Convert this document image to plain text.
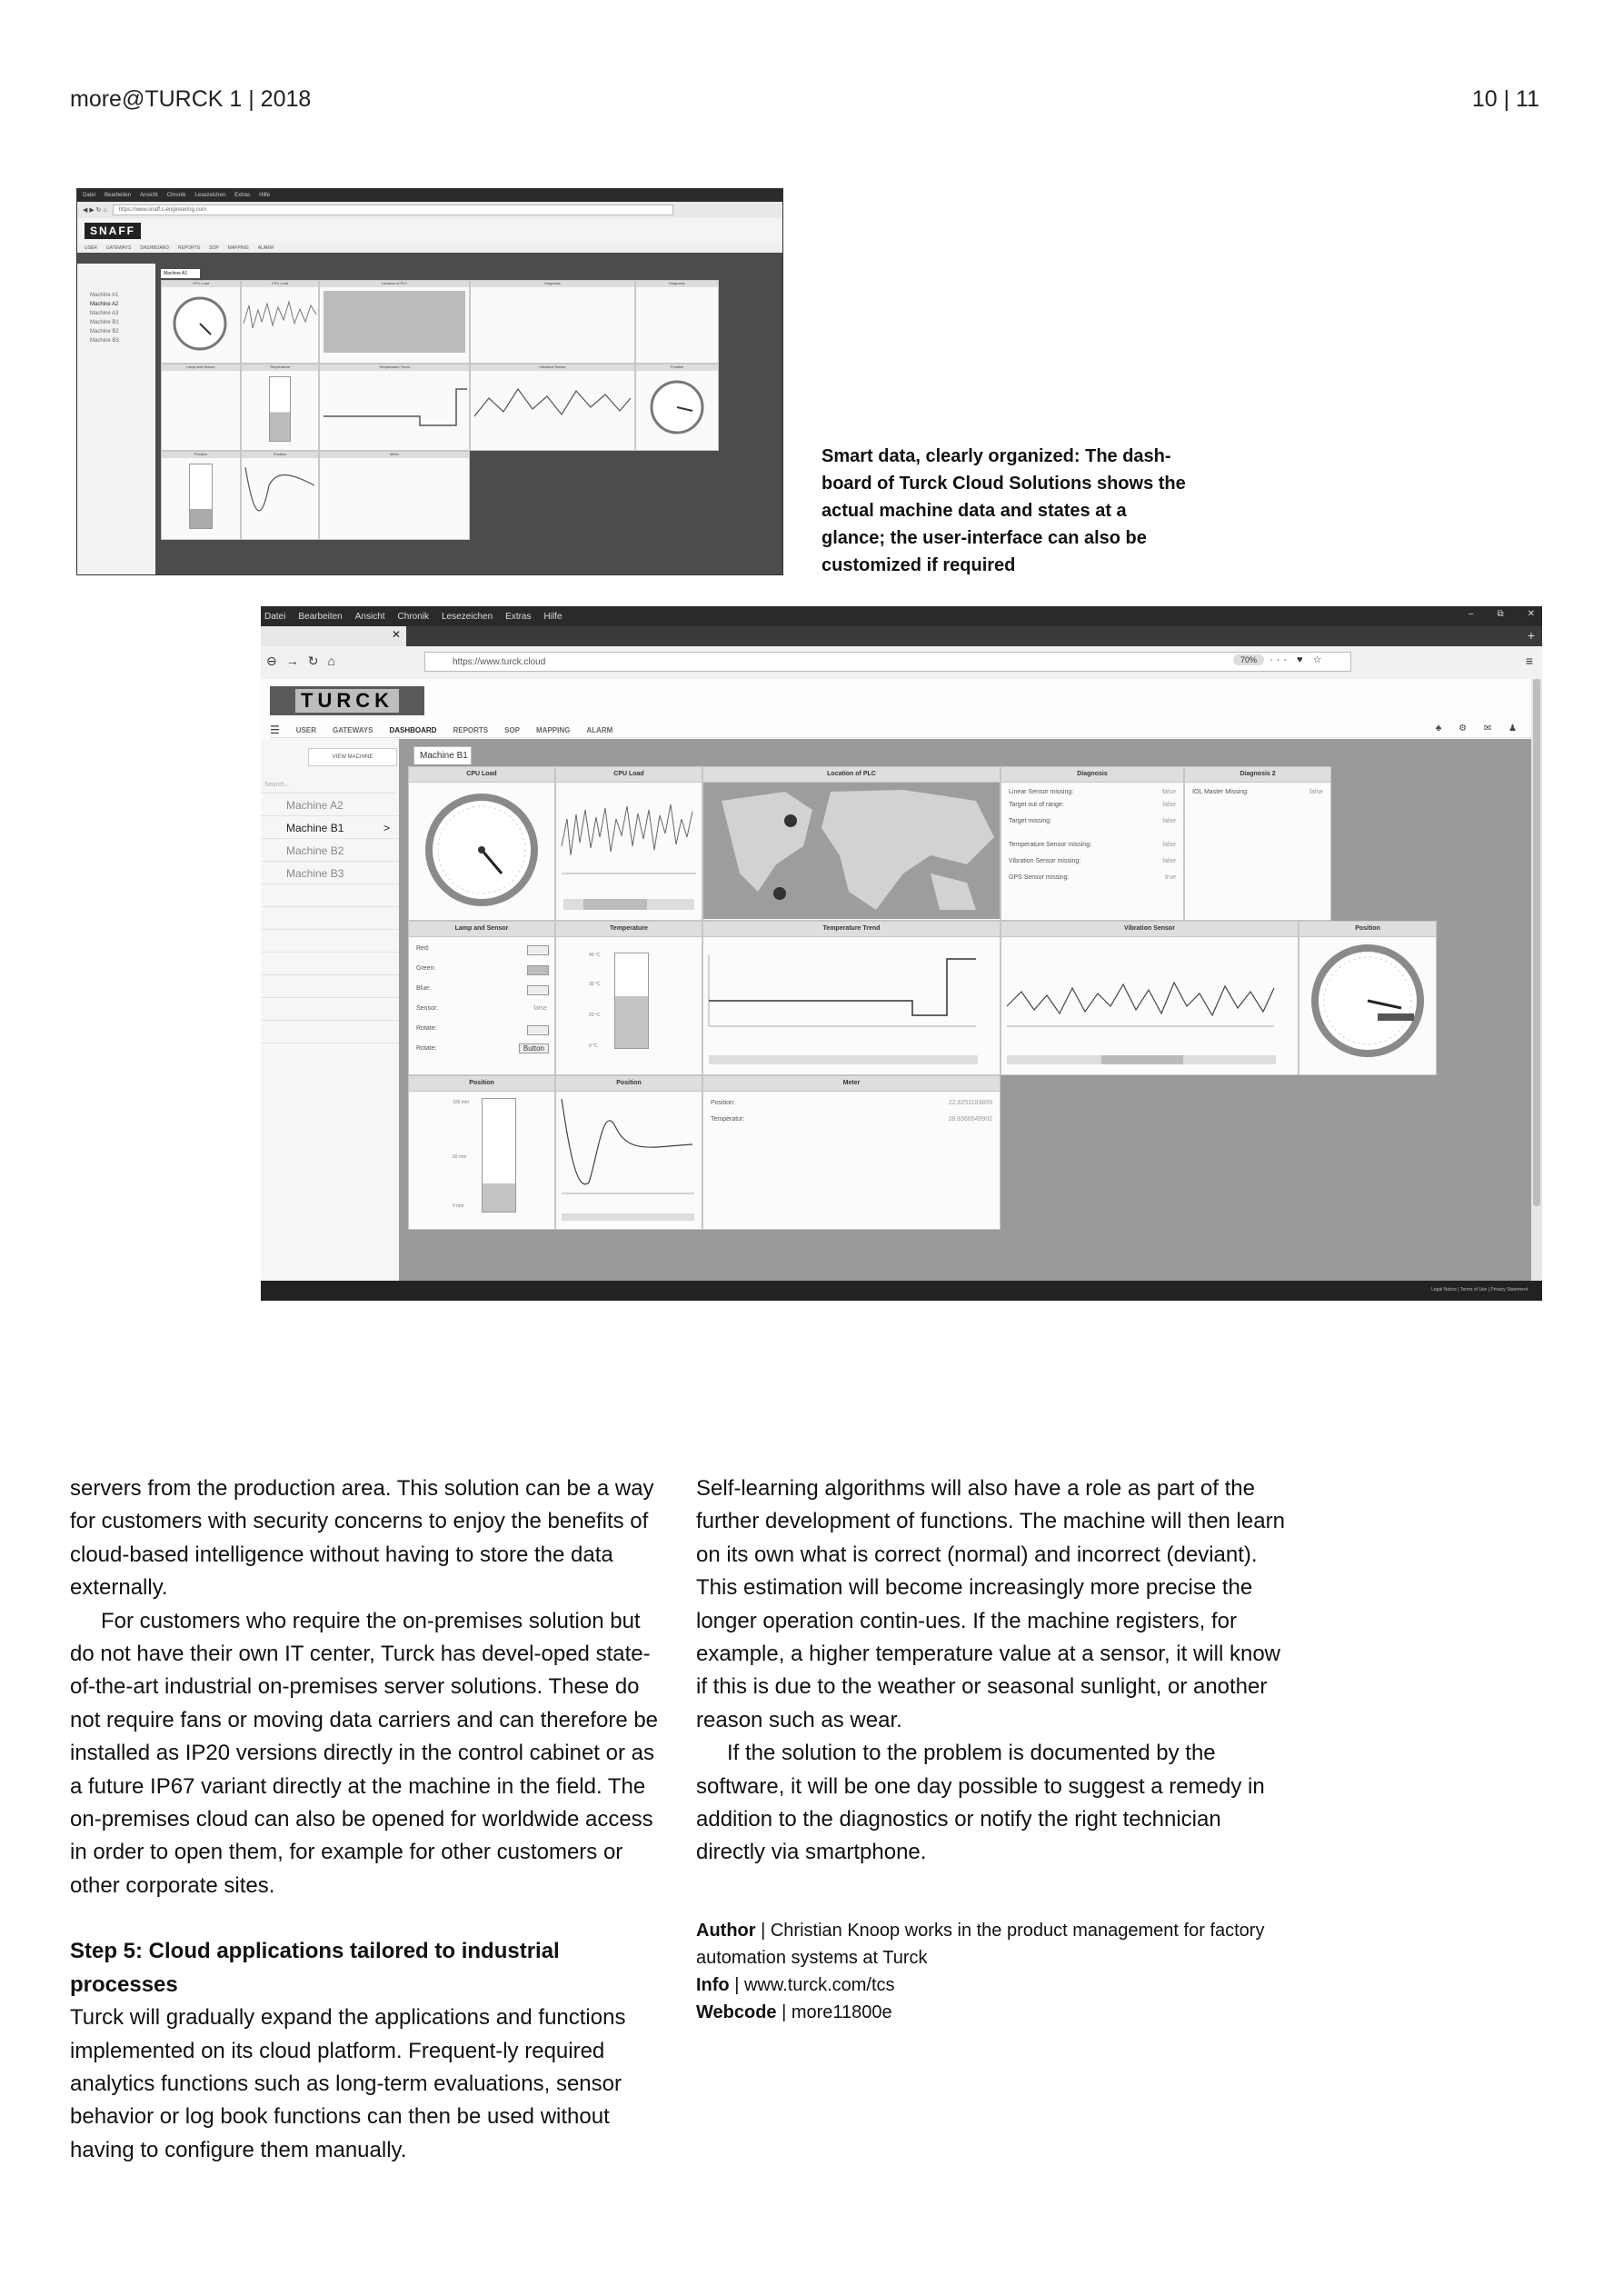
more@TURCK 1 | 2018	10 | 11
Datei Bearbeiten Ansicht Chronik Lesezeichen Extras Hilfe
◀ ▶ ↻ ⌂	https://www.snaff.c-engineering.com
SNAFF
USER GATEWAYS DASHBOARD REPORTS SOP MAPPING ALARM
Machine A1
Machine A2
Machine A3
Machine B1
Machine B2
Machine B3
Machine A1
CPU Load	CPU Load	Location of PLC	Diagnosis	Diagnosis
Lamp and Sensor	Temperature	Temperature Trend	Vibration Sensor	Position
Position	Position	Meter	Smart data, clearly organized: The dash-board of Turck Cloud Solutions shows the actual machine data and states at a glance; the user-interface can also be customized if required
Datei Bearbeiten Ansicht Chronik Lesezeichen Extras Hilfe	–	⧉	✕
✕	+
⊖ → ↻ ⌂	https://www.turck.cloud	70%	··· ♥ ☆	≡
TURCK
☰ USER GATEWAYS DASHBOARD REPORTS SOP MAPPING ALARM	♣ ⚙ ✉ ♟
VIEW MACHINE
Search...
Machine A2
Machine B1	>
Machine B2
Machine B3
Machine B1
CPU Load	CPU Load	Location of PLC	Diagnosis
Linear Sensor missing:	false
Target out of range:	false
Target missing:	false
Temperature Sensor missing:	false
Vibration Sensor missing:	false
GPS Sensor missing:	true
Diagnosis 2
IOL Master Missing:	false
Lamp and Sensor
Red:
Green:
Blue:
Sensor:	false
Rotate:
Rotate:	Button
Temperature
40 °C
30 °C
20 °C
0 °C
Temperature Trend	Vibration Sensor	Position
Position
100 mm
50 mm
0 mm
Position	Meter
Position:	22.6251183809
Temperatur:	28.9366549902
Legal Notice | Terms of Use | Privacy Statement

servers from the production area. This solution can be a way for customers with security concerns to enjoy the benefits of cloud-based intelligence without having to store the data externally.

For customers who require the on-premises solution but do not have their own IT center, Turck has devel-oped state-of-the-art industrial on-premises server solutions. These do not require fans or moving data carriers and can therefore be installed as IP20 versions directly in the control cabinet or as a future IP67 variant directly at the machine in the field. The on-premises cloud can also be opened for worldwide access in order to open them, for example for other customers or other corporate sites.

Step 5: Cloud applications tailored to industrial processes

Turck will gradually expand the applications and functions implemented on its cloud platform. Frequent-ly required analytics functions such as long-term evaluations, sensor behavior or log book functions can then be used without having to configure them manually.

Self-learning algorithms will also have a role as part of the further development of functions. The machine will then learn on its own what is correct (normal) and incorrect (deviant). This estimation will become increasingly more precise the longer operation contin-ues. If the machine registers, for example, a higher temperature value at a sensor, it will know if this is due to the weather or seasonal sunlight, or another reason such as wear.

If the solution to the problem is documented by the software, it will be one day possible to suggest a remedy in addition to the diagnostics or notify the right technician directly via smartphone.

Author | Christian Knoop works in the product management for factory automation systems at Turck
Info | www.turck.com/tcs
Webcode | more11800e
